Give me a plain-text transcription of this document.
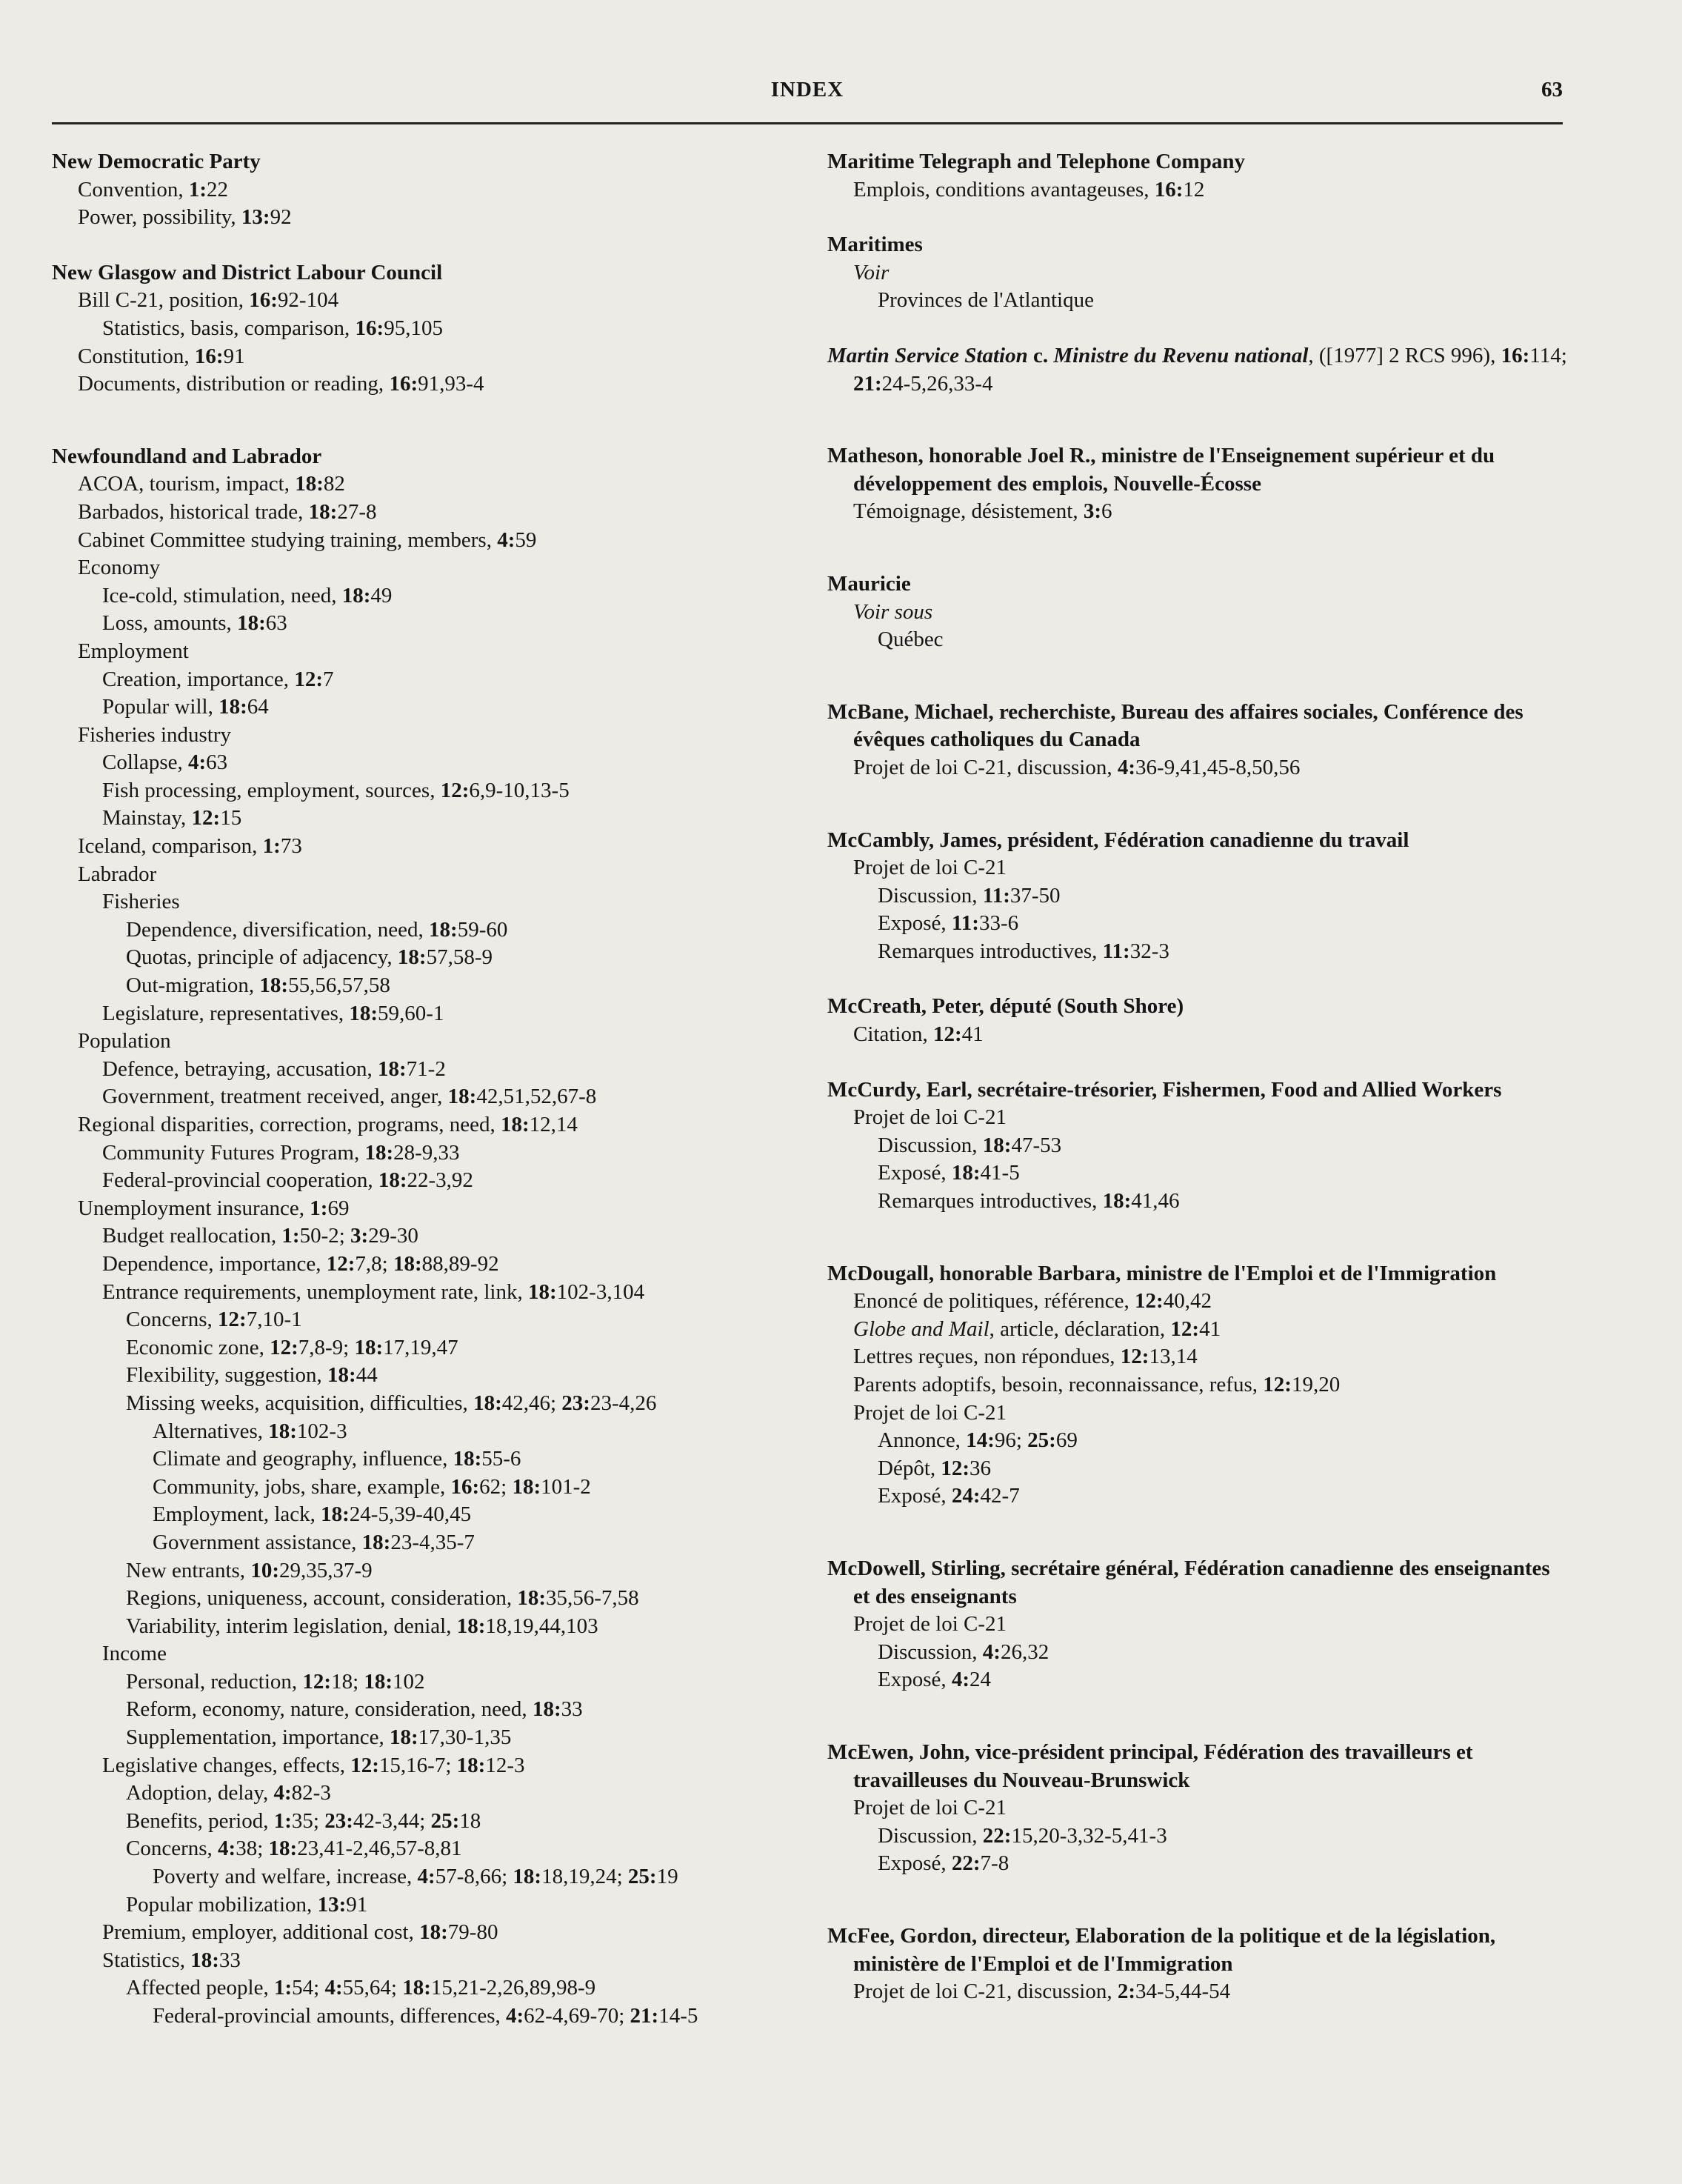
INDEX	63
New Democratic Party
Convention, 1:22
Power, possibility, 13:92
New Glasgow and District Labour Council
Bill C-21, position, 16:92-104
Statistics, basis, comparison, 16:95,105
Constitution, 16:91
Documents, distribution or reading, 16:91,93-4
Newfoundland and Labrador
ACOA, tourism, impact, 18:82
Barbados, historical trade, 18:27-8
Cabinet Committee studying training, members, 4:59
Economy
Ice-cold, stimulation, need, 18:49
Loss, amounts, 18:63
Employment
Creation, importance, 12:7
Popular will, 18:64
Fisheries industry
Collapse, 4:63
Fish processing, employment, sources, 12:6,9-10,13-5
Mainstay, 12:15
Iceland, comparison, 1:73
Labrador
Fisheries
Dependence, diversification, need, 18:59-60
Quotas, principle of adjacency, 18:57,58-9
Out-migration, 18:55,56,57,58
Legislature, representatives, 18:59,60-1
Population
Defence, betraying, accusation, 18:71-2
Government, treatment received, anger, 18:42,51,52,67-8
Regional disparities, correction, programs, need, 18:12,14
Community Futures Program, 18:28-9,33
Federal-provincial cooperation, 18:22-3,92
Unemployment insurance, 1:69
Budget reallocation, 1:50-2; 3:29-30
Dependence, importance, 12:7,8; 18:88,89-92
Entrance requirements, unemployment rate, link, 18:102-3,104
Concerns, 12:7,10-1
Economic zone, 12:7,8-9; 18:17,19,47
Flexibility, suggestion, 18:44
Missing weeks, acquisition, difficulties, 18:42,46; 23:23-4,26
Alternatives, 18:102-3
Climate and geography, influence, 18:55-6
Community, jobs, share, example, 16:62; 18:101-2
Employment, lack, 18:24-5,39-40,45
Government assistance, 18:23-4,35-7
New entrants, 10:29,35,37-9
Regions, uniqueness, account, consideration, 18:35,56-7,58
Variability, interim legislation, denial, 18:18,19,44,103
Income
Personal, reduction, 12:18; 18:102
Reform, economy, nature, consideration, need, 18:33
Supplementation, importance, 18:17,30-1,35
Legislative changes, effects, 12:15,16-7; 18:12-3
Adoption, delay, 4:82-3
Benefits, period, 1:35; 23:42-3,44; 25:18
Concerns, 4:38; 18:23,41-2,46,57-8,81
Poverty and welfare, increase, 4:57-8,66; 18:18,19,24; 25:19
Popular mobilization, 13:91
Premium, employer, additional cost, 18:79-80
Statistics, 18:33
Affected people, 1:54; 4:55,64; 18:15,21-2,26,89,98-9
Federal-provincial amounts, differences, 4:62-4,69-70; 21:14-5
Maritime Telegraph and Telephone Company
Emplois, conditions avantageuses, 16:12
Maritimes
Voir
Provinces de l'Atlantique
Martin Service Station c. Ministre du Revenu national, ([1977] 2 RCS 996), 16:114; 21:24-5,26,33-4
Matheson, honorable Joel R., ministre de l'Enseignement supérieur et du développement des emplois, Nouvelle-Écosse
Témoignage, désistement, 3:6
Mauricie
Voir sous
Québec
McBane, Michael, recherchiste, Bureau des affaires sociales, Conférence des évêques catholiques du Canada
Projet de loi C-21, discussion, 4:36-9,41,45-8,50,56
McCambly, James, président, Fédération canadienne du travail
Projet de loi C-21
Discussion, 11:37-50
Exposé, 11:33-6
Remarques introductives, 11:32-3
McCreath, Peter, député (South Shore)
Citation, 12:41
McCurdy, Earl, secrétaire-trésorier, Fishermen, Food and Allied Workers
Projet de loi C-21
Discussion, 18:47-53
Exposé, 18:41-5
Remarques introductives, 18:41,46
McDougall, honorable Barbara, ministre de l'Emploi et de l'Immigration
Enoncé de politiques, référence, 12:40,42
Globe and Mail, article, déclaration, 12:41
Lettres reçues, non répondues, 12:13,14
Parents adoptifs, besoin, reconnaissance, refus, 12:19,20
Projet de loi C-21
Annonce, 14:96; 25:69
Dépôt, 12:36
Exposé, 24:42-7
McDowell, Stirling, secrétaire général, Fédération canadienne des enseignantes et des enseignants
Projet de loi C-21
Discussion, 4:26,32
Exposé, 4:24
McEwen, John, vice-président principal, Fédération des travailleurs et travailleuses du Nouveau-Brunswick
Projet de loi C-21
Discussion, 22:15,20-3,32-5,41-3
Exposé, 22:7-8
McFee, Gordon, directeur, Elaboration de la politique et de la législation, ministère de l'Emploi et de l'Immigration
Projet de loi C-21, discussion, 2:34-5,44-54
